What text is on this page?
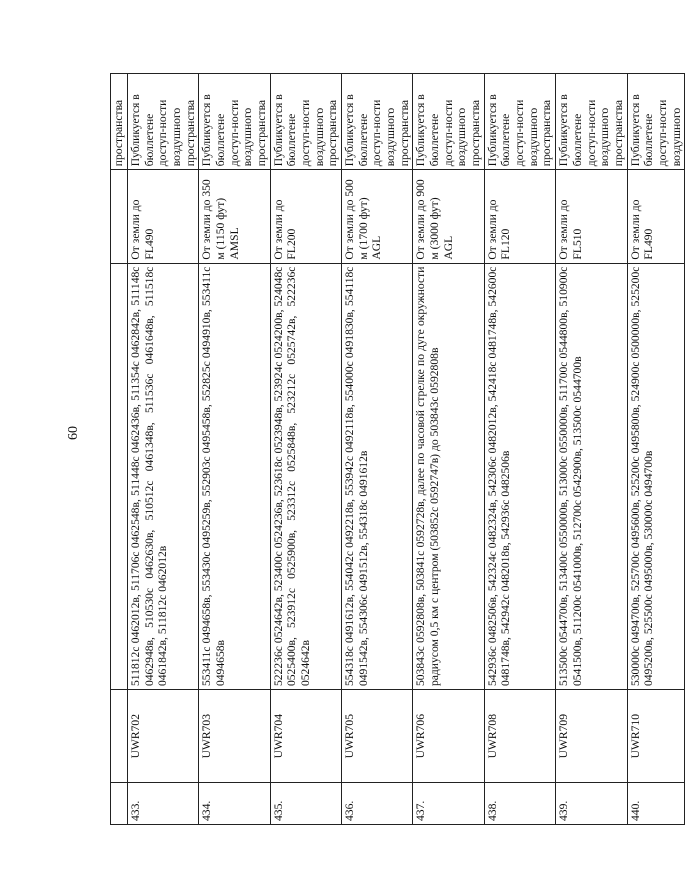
60
				пространства
433.	UWR702	511812с 0462012в, 511706с 0462548в, 511448с 0462436в, 511354с 0462842в, 511148с 0462948в, 510530с 0462630в, 510512с 0461348в, 511536с 0461648в, 511518с 0461842в, 511812с 0462012в	От земли до FL490	Публикуется в бюллетене доступ-ности воздушного пространства
434.	UWR703	553411с 0494658в, 553430с 0495259в, 552903с 0495458в, 552825с 0494910в, 553411с 0494658в	От земли до 350 м (1150 фут) AMSL	Публикуется в бюллетене доступ-ности воздушного пространства
435.	UWR704	522236с 0524642в, 523400с 0524236в, 523618с 0523948в, 523924с 0524200в, 524048с 0525400в, 523912с 0525900в, 523312с 0525848в, 523212с 0525742в, 522236с 0524642в	От земли до FL200	Публикуется в бюллетене доступ-ности воздушного пространства
436.	UWR705	554318с 0491612в, 554042с 0492218в, 553942с 0492118в, 554000с 0491830в, 554118с 0491542в, 554306с 0491512в, 554318с 0491612в	От земли до 500 м (1700 фут) AGL	Публикуется в бюллетене доступ-ности воздушного пространства
437.	UWR706	503843с 0592808в, 503841с 0592728в, далее по часовой стрелке по дуге окружности радиусом 0,5 км с центром (503852с 0592747в) до 503843с 0592808в	От земли до 900 м (3000 фут) AGL	Публикуется в бюллетене доступ-ности воздушного пространства
438.	UWR708	542936с 0482506в, 542324с 0482324в, 542306с 0482012в, 542418с 0481748в, 542600с 0481748в, 542942с 0482018в, 542936с 0482506в	От земли до FL120	Публикуется в бюллетене доступ-ности воздушного пространства
439.	UWR709	513500с 0544700в, 513400с 0550000в, 513000с 0550000в, 511700с 0544800в, 510900с 0541500в, 511200с 0541000в, 512700с 0542900в, 513500с 0544700в	От земли до FL510	Публикуется в бюллетене доступ-ности воздушного пространства
440.	UWR710	530000с 0494700в, 525700с 0495600в, 525200с 0495800в, 524900с 0500000в, 525200с 0495200в, 525500с 0495000в, 530000с 0494700в	От земли до FL490	Публикуется в бюллетене доступ-ности воздушного
